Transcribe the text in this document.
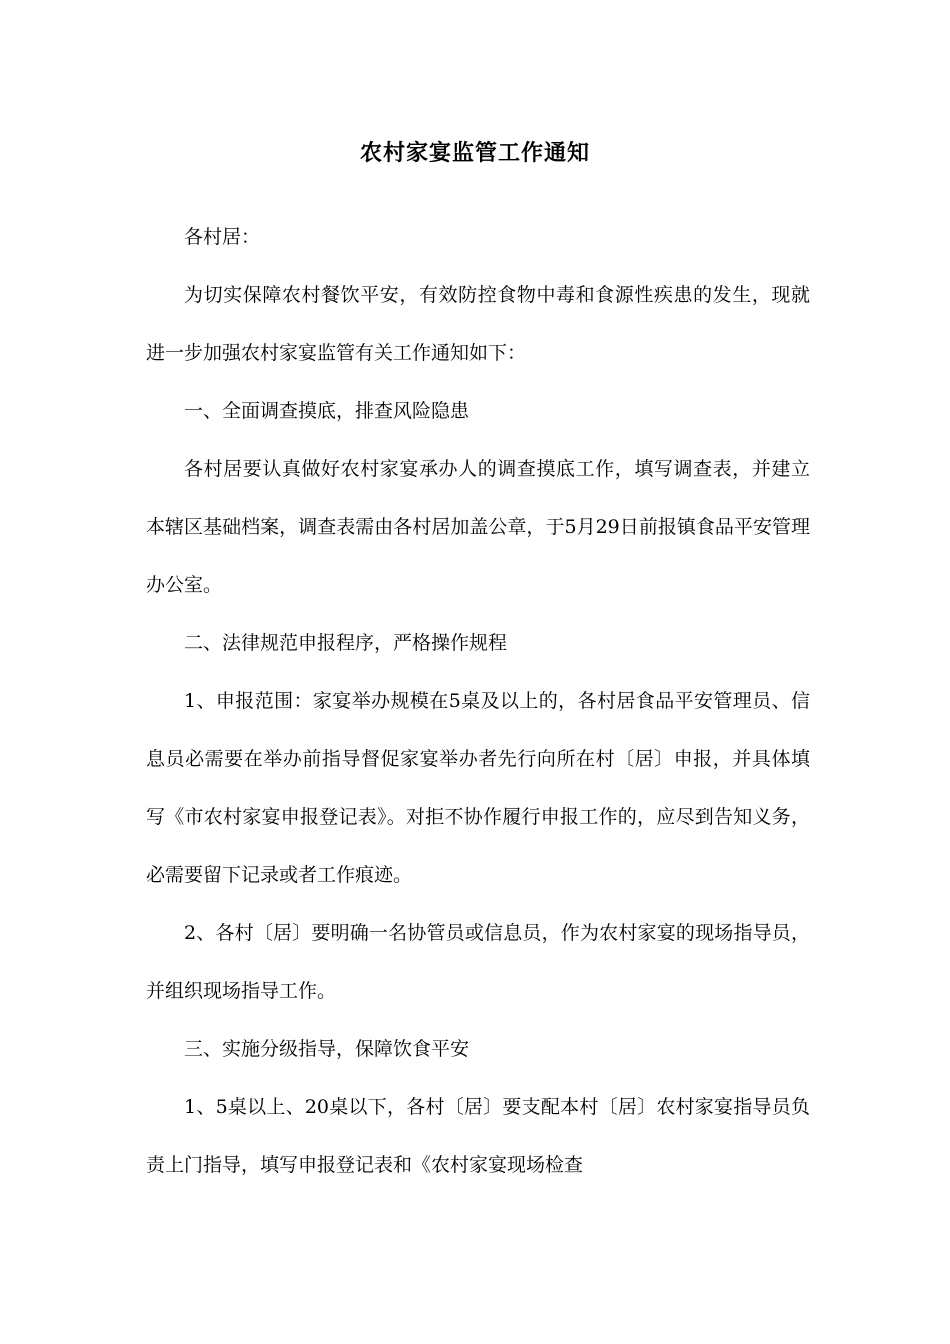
农村家宴监管工作通知

各村居：

为切实保障农村餐饮平安，有效防控食物中毒和食源性疾患的发生，现就进一步加强农村家宴监管有关工作通知如下：

一、全面调查摸底，排查风险隐患

各村居要认真做好农村家宴承办人的调查摸底工作，填写调查表，并建立本辖区基础档案，调查表需由各村居加盖公章，于5月29日前报镇食品平安管理办公室。

二、法律规范申报程序，严格操作规程

1、申报范围：家宴举办规模在5桌及以上的，各村居食品平安管理员、信息员必需要在举办前指导督促家宴举办者先行向所在村〔居〕申报，并具体填写《市农村家宴申报登记表》。对拒不协作履行申报工作的，应尽到告知义务，必需要留下记录或者工作痕迹。

2、各村〔居〕要明确一名协管员或信息员，作为农村家宴的现场指导员，并组织现场指导工作。

三、实施分级指导，保障饮食平安

1、5桌以上、20桌以下，各村〔居〕要支配本村〔居〕农村家宴指导员负责上门指导，填写申报登记表和《农村家宴现场检查
